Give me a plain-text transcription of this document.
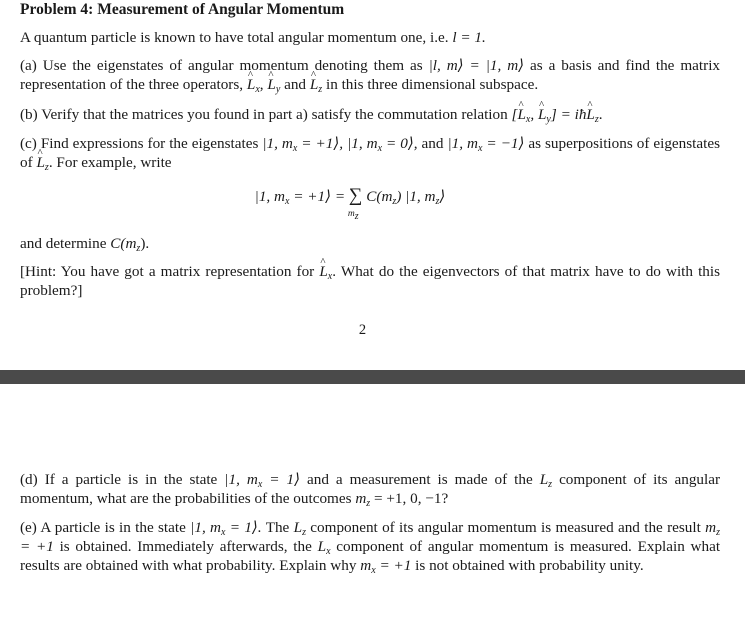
Problem 4: Measurement of Angular Momentum

A quantum particle is known to have total angular momentum one, i.e. l = 1.

(a) Use the eigenstates of angular momentum denoting them as |l, m⟩ = |1, m⟩ as a basis and find the matrix representation of the three operators, L $\^{}_x$, L $\^{}_y$ and L $\^{}_z$ in this three dimensional subspace.

(b) Verify that the matrices you found in part a) satisfy the commutation relation [L $\^{}_x$, L $\^{}_y$] = iħL $\^{}_z$.

(c) Find expressions for the eigenstates |1, $m_x$ = +1⟩, |1, $m_x$ = 0⟩, and |1, $m_x$ = −1⟩ as superpositions of eigenstates of L $\^{}_z$. For example, write

|1, $m_x$ = +1⟩ = ∑
$m_z$
$C(m_z)$ |1, $m_z⟩$

and determine $C(m_z)$.

[Hint: You have got a matrix representation for L $\^{}_x$. What do the eigenvectors of that matrix have to do with this problem?]

2

(d) If a particle is in the state |1, $m_x$ = 1⟩ and a measurement is made of the $L_z$ component of its angular momentum, what are the probabilities of the outcomes $m_z = +1$, 0, −1?

(e) A particle is in the state |1, $m_x$ = 1⟩. The $L_z$ component of its angular momentum is measured and the result $m_z = +1$ is obtained. Immediately afterwards, the $L_x$ component of angular momentum is measured. Explain what results are obtained with what probability. Explain why $m_x = +1$ is not obtained with probability unity.
